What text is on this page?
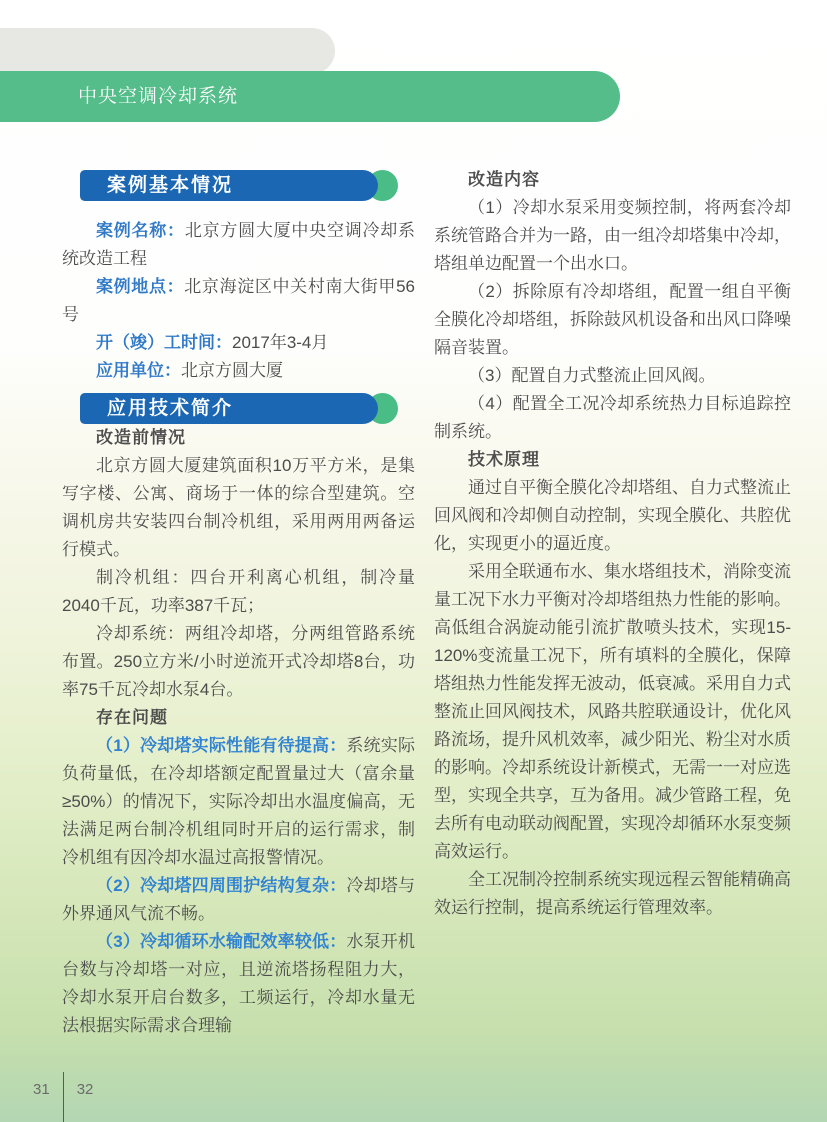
中央空调冷却系统
案例基本情况

案例名称：北京方圆大厦中央空调冷却系统改造工程

案例地点：北京海淀区中关村南大街甲56号

开（竣）工时间：2017年3-4月

应用单位：北京方圆大厦

应用技术简介

改造前情况

北京方圆大厦建筑面积10万平方米，是集写字楼、公寓、商场于一体的综合型建筑。空调机房共安装四台制冷机组，采用两用两备运行模式。

制冷机组：四台开利离心机组，制冷量2040千瓦，功率387千瓦；

冷却系统：两组冷却塔，分两组管路系统布置。250立方米/小时逆流开式冷却塔8台，功率75千瓦冷却水泵4台。

存在问题

（1）冷却塔实际性能有待提高：系统实际负荷量低，在冷却塔额定配置量过大（富余量≥50%）的情况下，实际冷却出水温度偏高，无法满足两台制冷机组同时开启的运行需求，制冷机组有因冷却水温过高报警情况。

（2）冷却塔四周围护结构复杂：冷却塔与外界通风气流不畅。

（3）冷却循环水输配效率较低：水泵开机台数与冷却塔一对应，且逆流塔扬程阻力大，冷却水泵开启台数多，工频运行，冷却水量无法根据实际需求合理输

改造内容

（1）冷却水泵采用变频控制，将两套冷却系统管路合并为一路，由一组冷却塔集中冷却，塔组单边配置一个出水口。

（2）拆除原有冷却塔组，配置一组自平衡全膜化冷却塔组，拆除鼓风机设备和出风口降噪隔音装置。

（3）配置自力式整流止回风阀。

（4）配置全工况冷却系统热力目标追踪控制系统。

技术原理

通过自平衡全膜化冷却塔组、自力式整流止回风阀和冷却侧自动控制，实现全膜化、共腔优化，实现更小的逼近度。

采用全联通布水、集水塔组技术，消除变流量工况下水力平衡对冷却塔组热力性能的影响。高低组合涡旋动能引流扩散喷头技术，实现15-120%变流量工况下，所有填料的全膜化，保障塔组热力性能发挥无波动，低衰减。采用自力式整流止回风阀技术，风路共腔联通设计，优化风路流场，提升风机效率，减少阳光、粉尘对水质的影响。冷却系统设计新模式，无需一一对应选型，实现全共享，互为备用。减少管路工程，免去所有电动联动阀配置，实现冷却循环水泵变频高效运行。

全工况制冷控制系统实现远程云智能精确高效运行控制，提高系统运行管理效率。

31 32
